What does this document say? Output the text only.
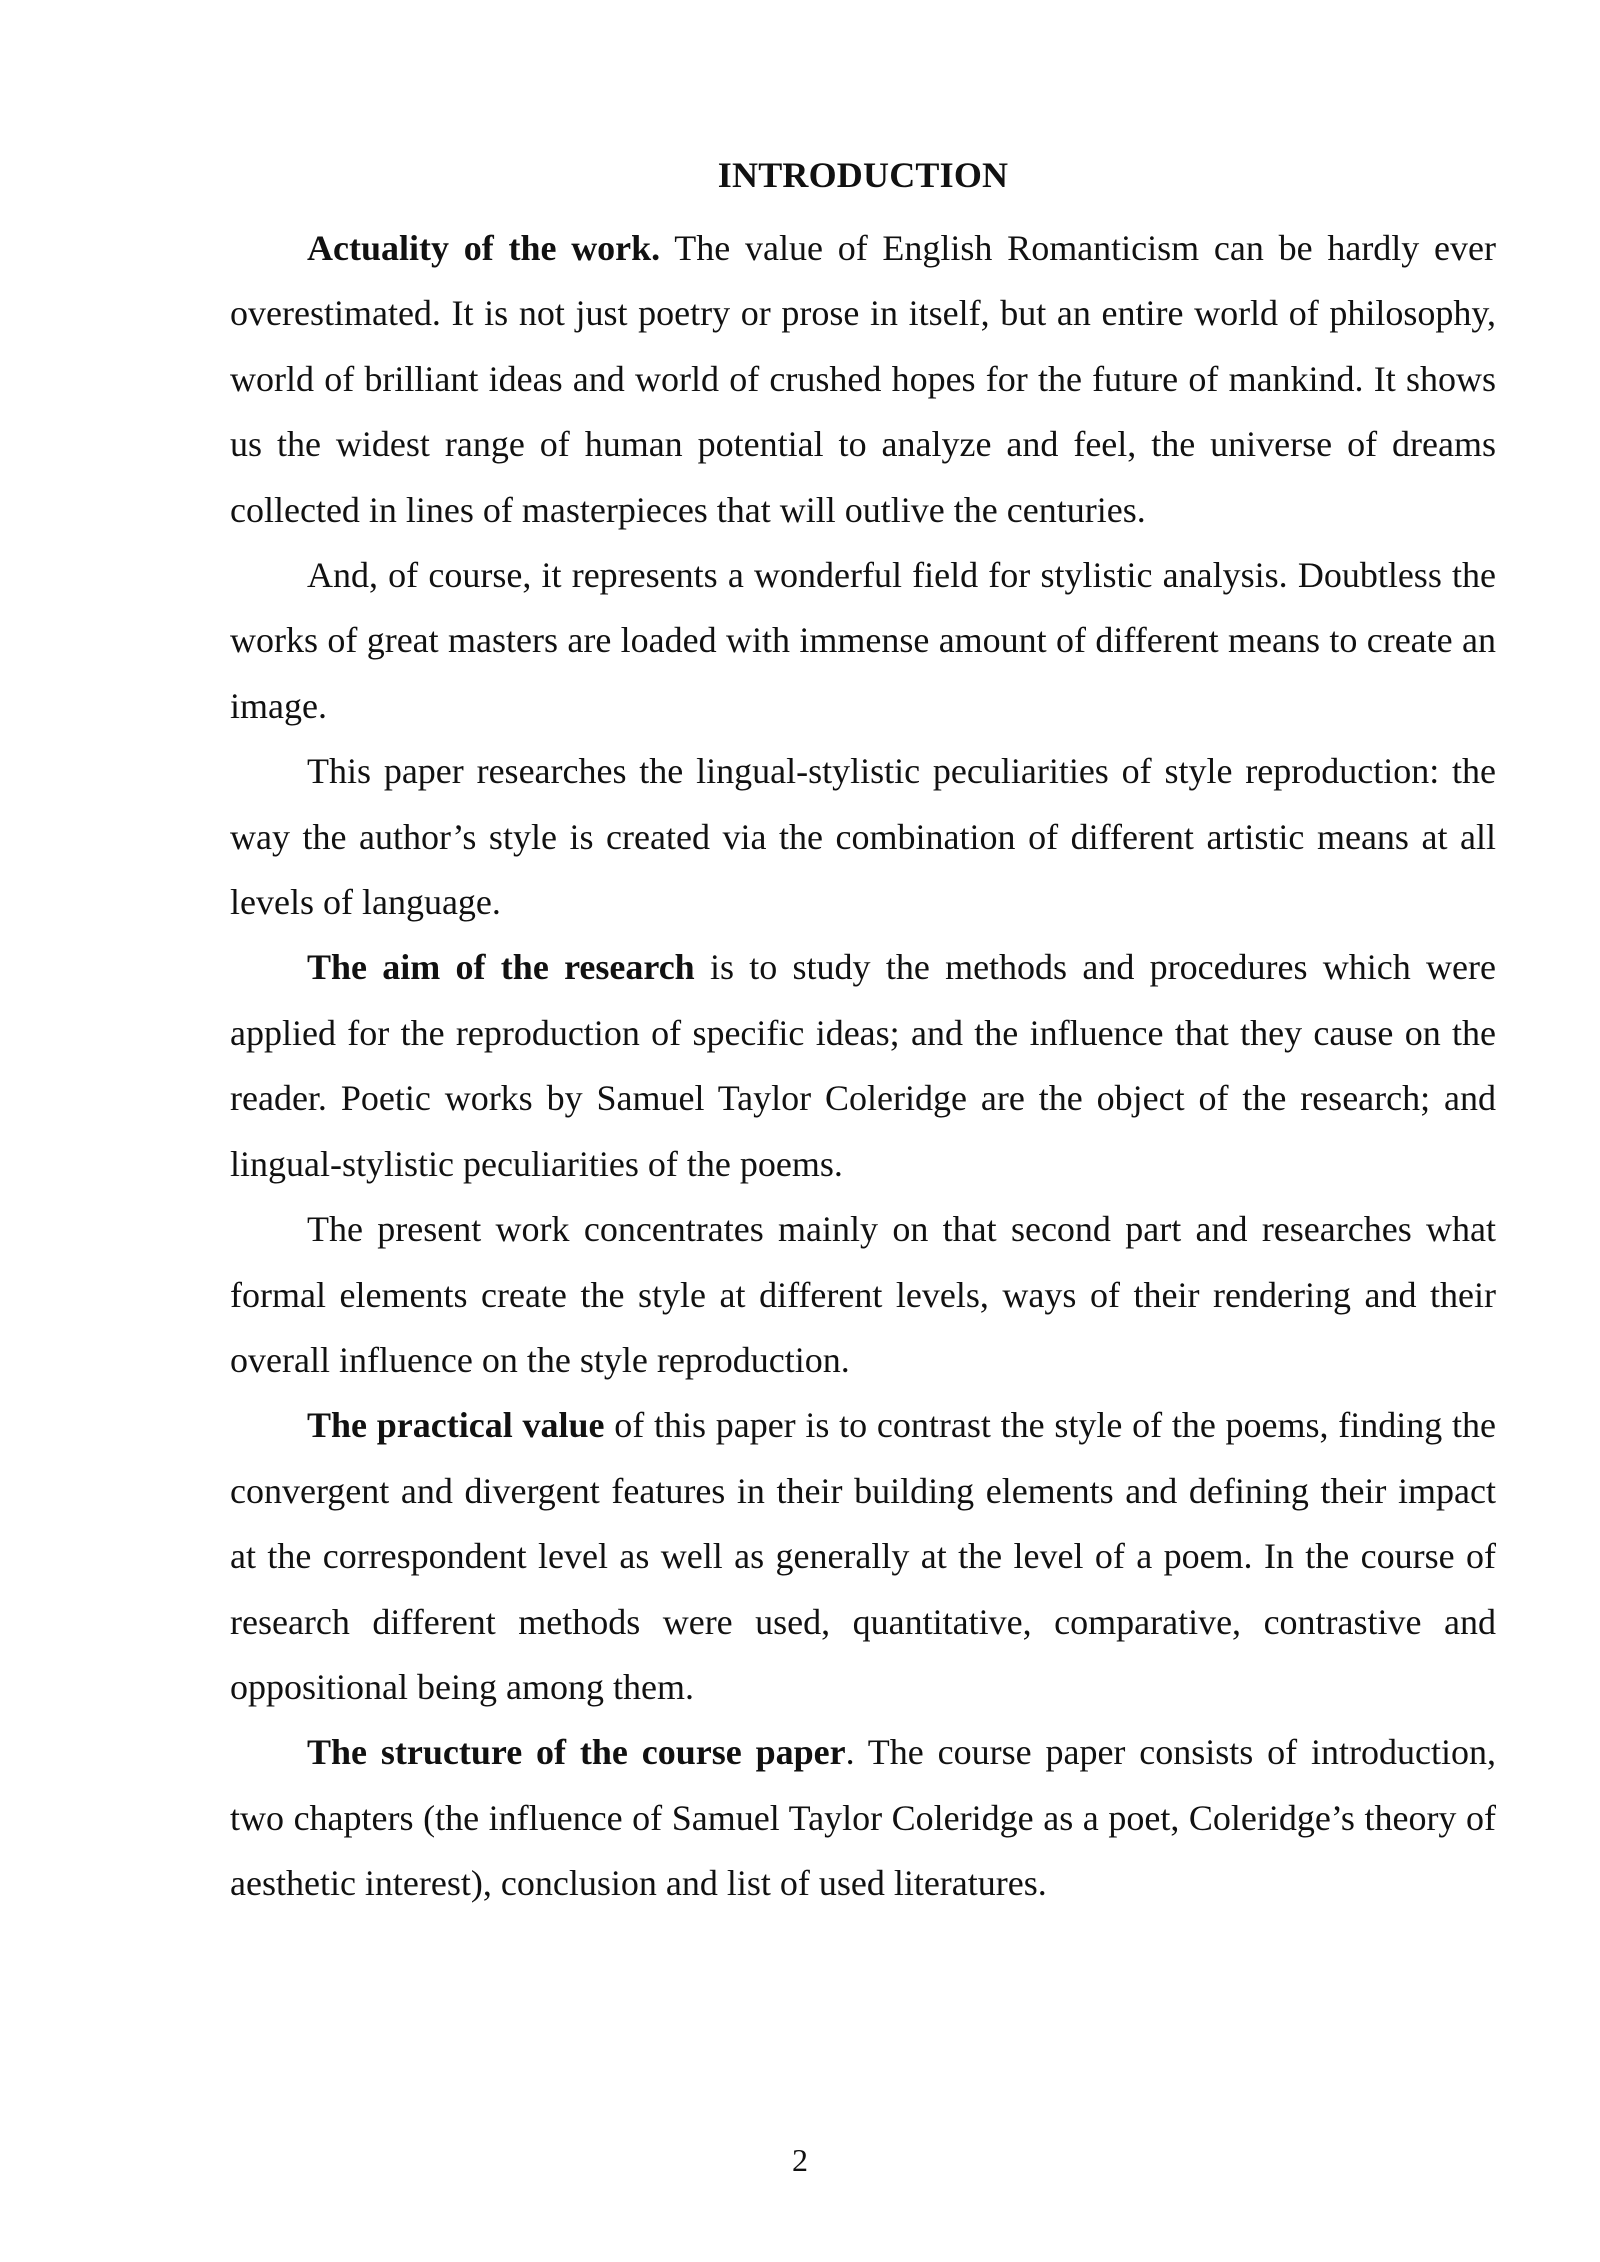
INTRODUCTION

Actuality of the work. The value of English Romanticism can be hardly ever overestimated. It is not just poetry or prose in itself, but an entire world of philosophy, world of brilliant ideas and world of crushed hopes for the future of mankind. It shows us the widest range of human potential to analyze and feel, the universe of dreams collected in lines of masterpieces that will outlive the centuries.

And, of course, it represents a wonderful field for stylistic analysis. Doubtless the works of great masters are loaded with immense amount of different means to create an image.

This paper researches the lingual-stylistic peculiarities of style reproduction: the way the author’s style is created via the combination of different artistic means at all levels of language.

The aim of the research is to study the methods and procedures which were applied for the reproduction of specific ideas; and the influence that they cause on the reader. Poetic works by Samuel Taylor Coleridge are the object of the research; and lingual-stylistic peculiarities of the poems.

The present work concentrates mainly on that second part and researches what formal elements create the style at different levels, ways of their rendering and their overall influence on the style reproduction.

The practical value of this paper is to contrast the style of the poems, finding the convergent and divergent features in their building elements and defining their impact at the correspondent level as well as generally at the level of a poem. In the course of research different methods were used, quantitative, comparative, contrastive and oppositional being among them.

The structure of the course paper. The course paper consists of introduction, two chapters (the influence of Samuel Taylor Coleridge as a poet, Coleridge’s theory of aesthetic interest), conclusion and list of used literatures.

2
